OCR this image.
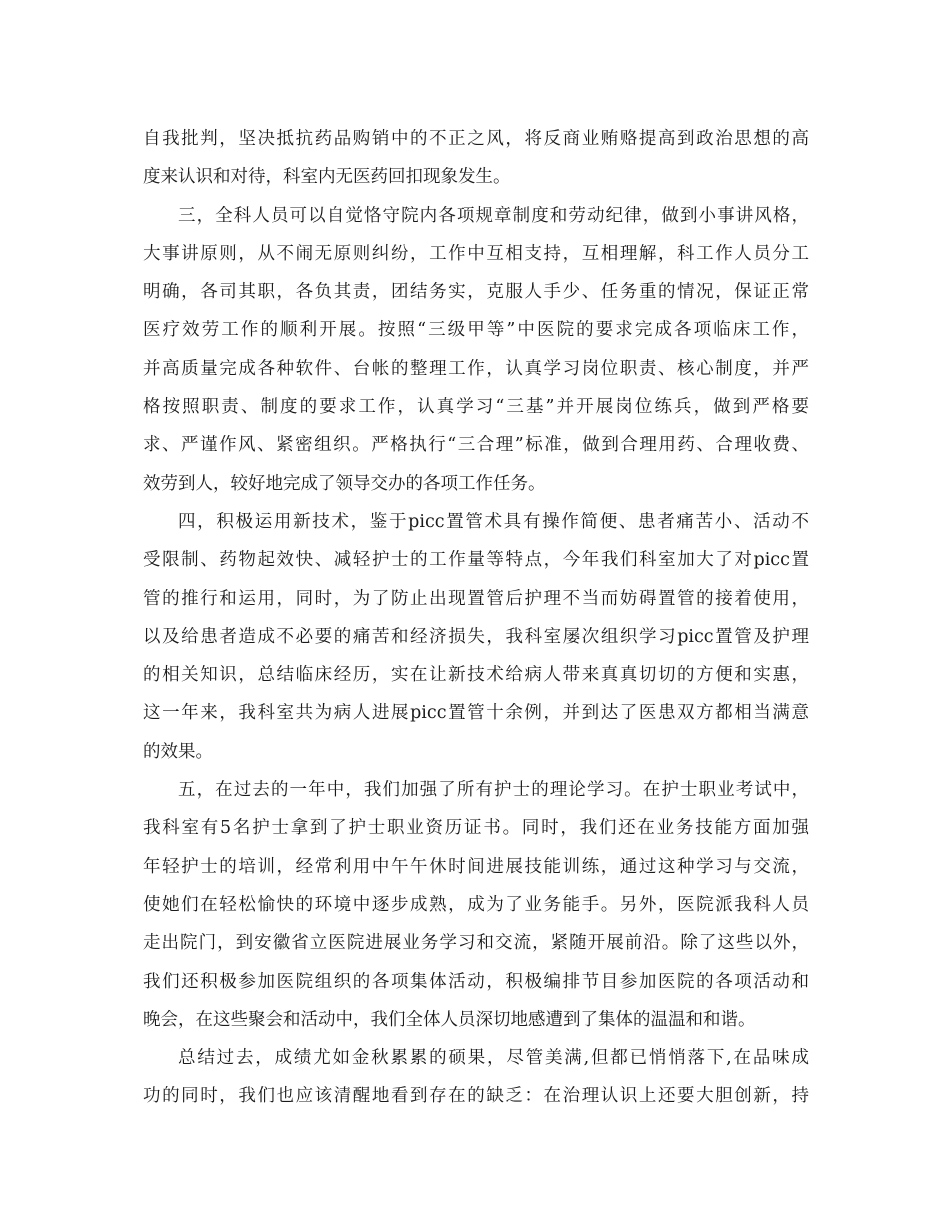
自我批判，坚决抵抗药品购销中的不正之风，将反商业贿赂提高到政治思想的高
度来认识和对待，科室内无医药回扣现象发生。
三，全科人员可以自觉恪守院内各项规章制度和劳动纪律，做到小事讲风格，
大事讲原则，从不闹无原则纠纷，工作中互相支持，互相理解，科工作人员分工
明确，各司其职，各负其责，团结务实，克服人手少、任务重的情况，保证正常
医疗效劳工作的顺利开展。按照“三级甲等”中医院的要求完成各项临床工作，
并高质量完成各种软件、台帐的整理工作，认真学习岗位职责、核心制度，并严
格按照职责、制度的要求工作，认真学习“三基”并开展岗位练兵，做到严格要
求、严谨作风、紧密组织。严格执行“三合理”标准，做到合理用药、合理收费、
效劳到人，较好地完成了领导交办的各项工作任务。
四，积极运用新技术，鉴于picc置管术具有操作简便、患者痛苦小、活动不
受限制、药物起效快、减轻护士的工作量等特点，今年我们科室加大了对picc置
管的推行和运用，同时，为了防止出现置管后护理不当而妨碍置管的接着使用，
以及给患者造成不必要的痛苦和经济损失，我科室屡次组织学习picc置管及护理
的相关知识，总结临床经历，实在让新技术给病人带来真真切切的方便和实惠，
这一年来，我科室共为病人进展picc置管十余例，并到达了医患双方都相当满意
的效果。
五，在过去的一年中，我们加强了所有护士的理论学习。在护士职业考试中，
我科室有5名护士拿到了护士职业资历证书。同时，我们还在业务技能方面加强
年轻护士的培训，经常利用中午午休时间进展技能训练，通过这种学习与交流，
使她们在轻松愉快的环境中逐步成熟，成为了业务能手。另外，医院派我科人员
走出院门，到安徽省立医院进展业务学习和交流，紧随开展前沿。除了这些以外，
我们还积极参加医院组织的各项集体活动，积极编排节目参加医院的各项活动和
晚会，在这些聚会和活动中，我们全体人员深切地感遭到了集体的温温和和谐。
总结过去，成绩尤如金秋累累的硕果，尽管美满,但都已悄悄落下,在品味成
功的同时，我们也应该清醒地看到存在的缺乏：在治理认识上还要大胆创新，持
